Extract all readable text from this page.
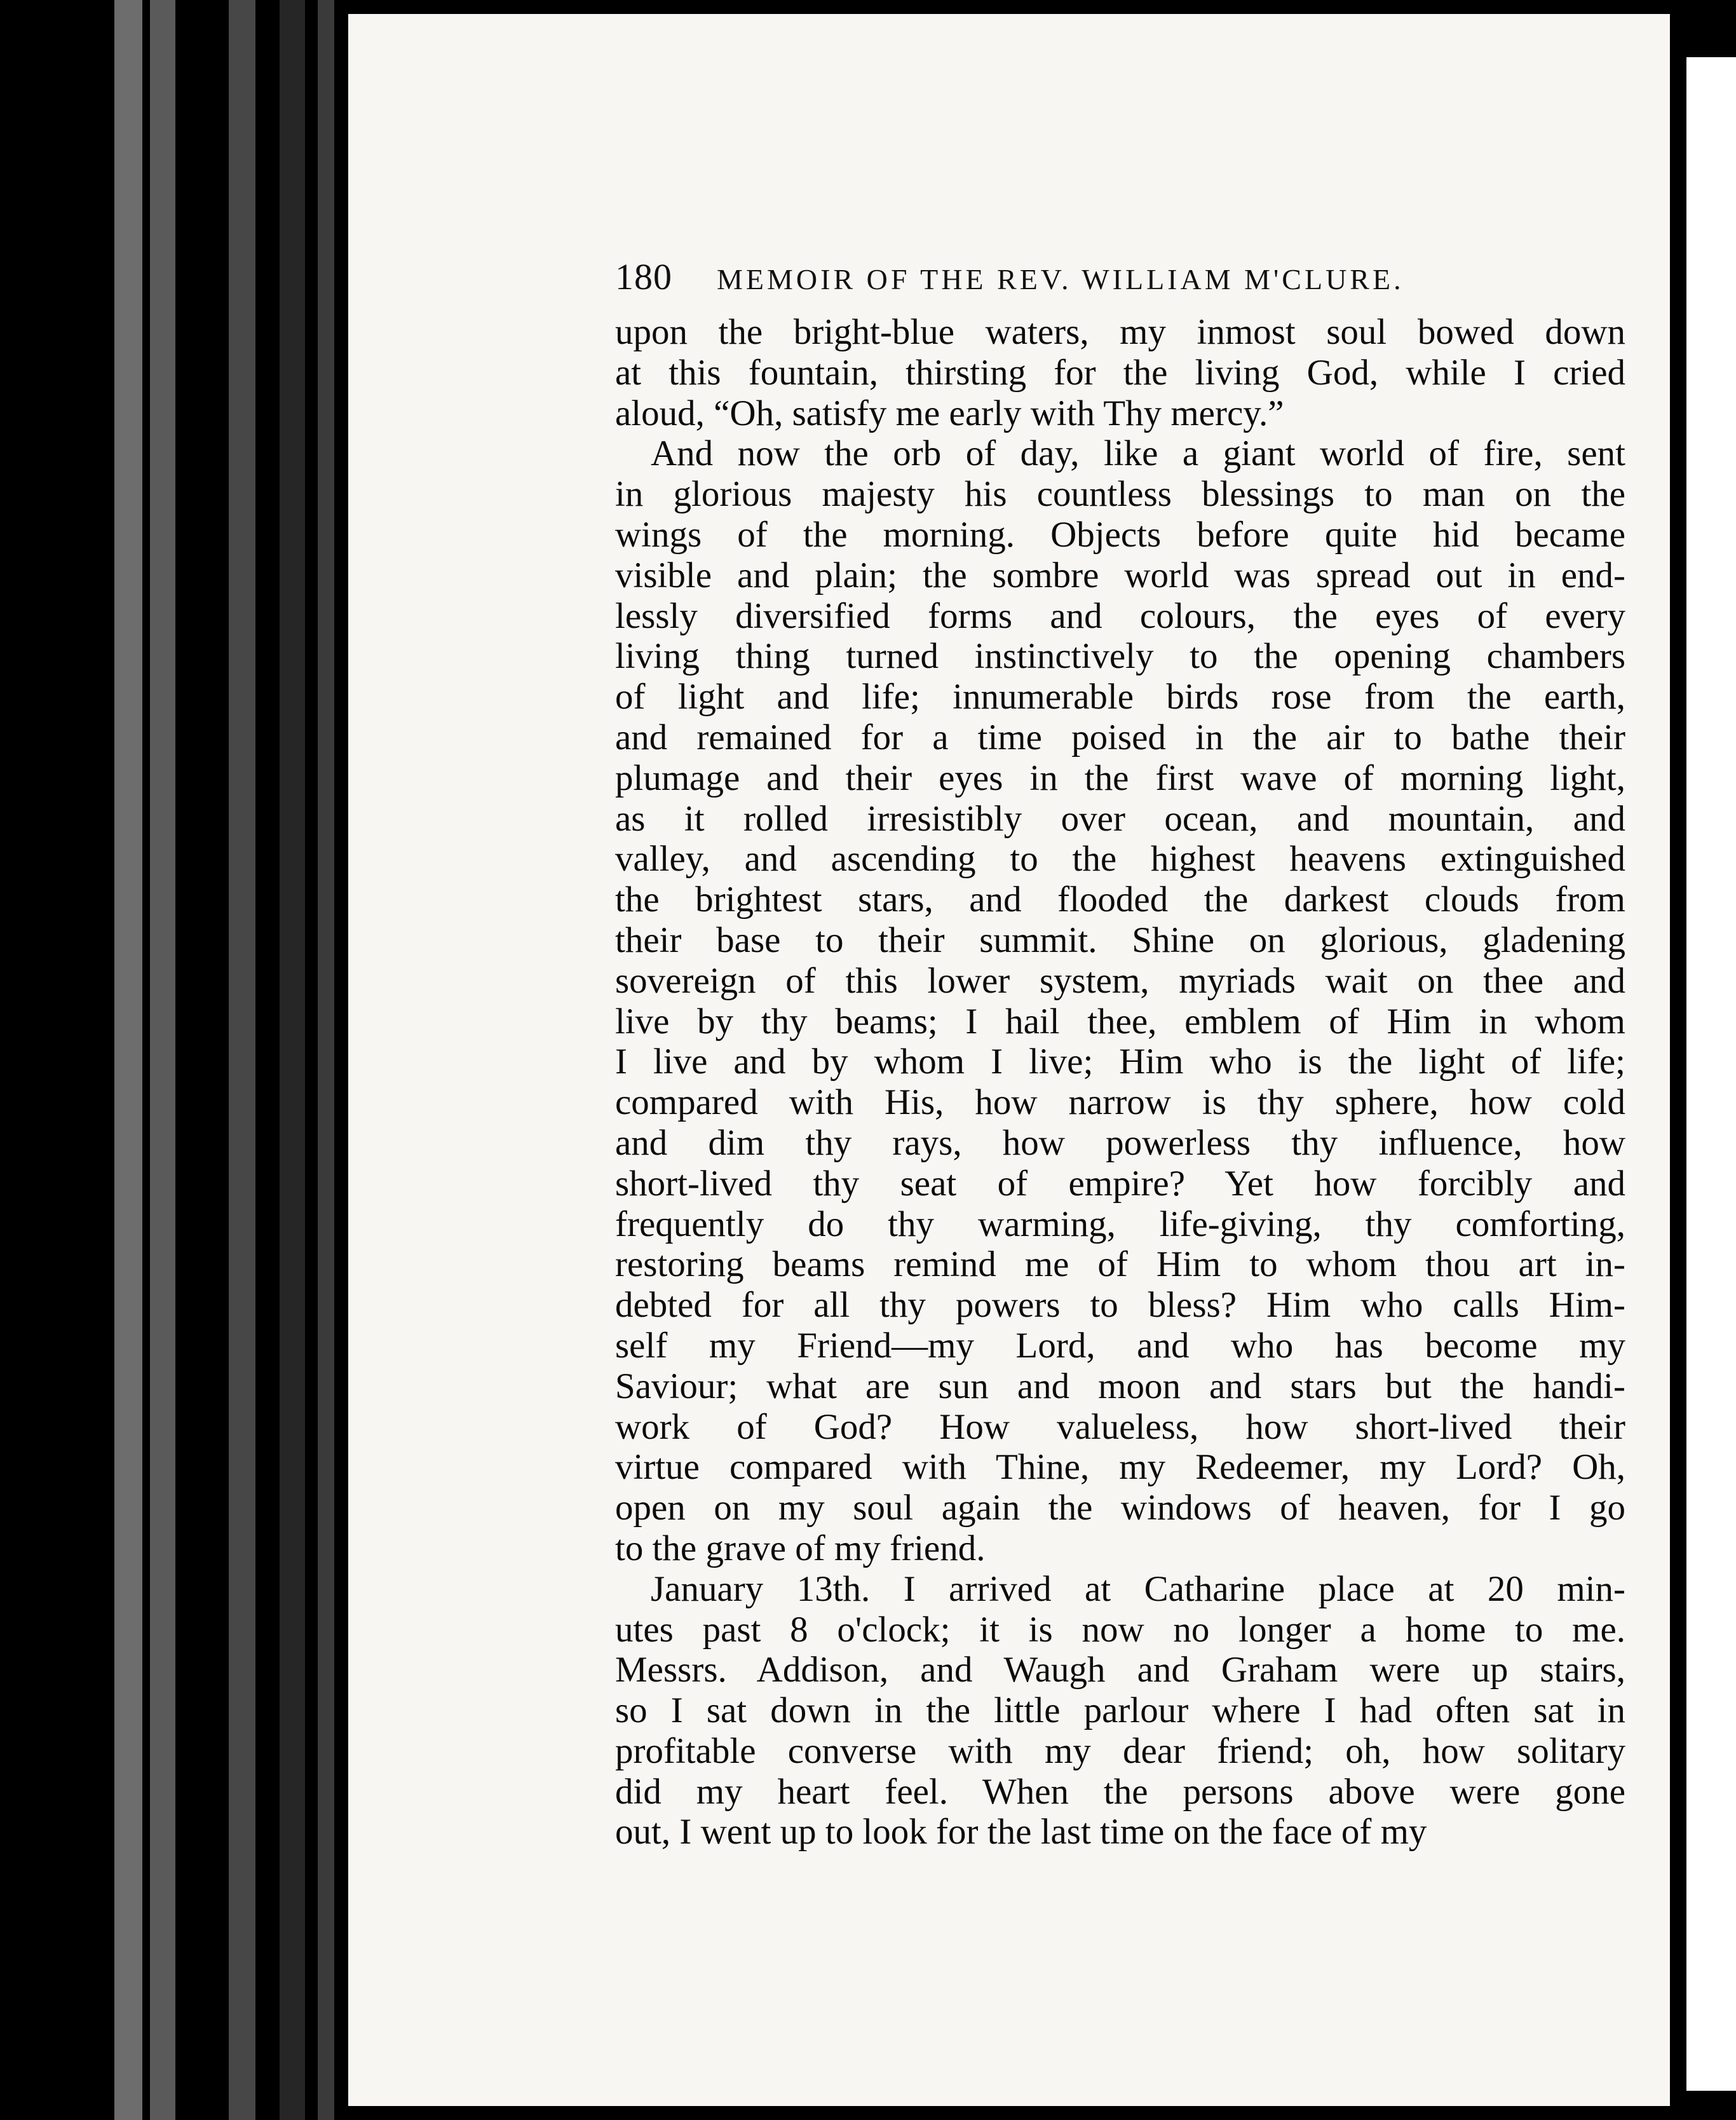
180 MEMOIR OF THE REV. WILLIAM M'CLURE.
upon the bright-blue waters, my inmost soul bowed down
at this fountain, thirsting for the living God, while I cried
aloud, “Oh, satisfy me early with Thy mercy.”
And now the orb of day, like a giant world of fire, sent
in glorious majesty his countless blessings to man on the
wings of the morning. Objects before quite hid became
visible and plain; the sombre world was spread out in end-
lessly diversified forms and colours, the eyes of every
living thing turned instinctively to the opening chambers
of light and life; innumerable birds rose from the earth,
and remained for a time poised in the air to bathe their
plumage and their eyes in the first wave of morning light,
as it rolled irresistibly over ocean, and mountain, and
valley, and ascending to the highest heavens extinguished
the brightest stars, and flooded the darkest clouds from
their base to their summit. Shine on glorious, gladening
sovereign of this lower system, myriads wait on thee and
live by thy beams; I hail thee, emblem of Him in whom
I live and by whom I live; Him who is the light of life;
compared with His, how narrow is thy sphere, how cold
and dim thy rays, how powerless thy influence, how
short-lived thy seat of empire? Yet how forcibly and
frequently do thy warming, life-giving, thy comforting,
restoring beams remind me of Him to whom thou art in-
debted for all thy powers to bless? Him who calls Him-
self my Friend—my Lord, and who has become my
Saviour; what are sun and moon and stars but the handi-
work of God? How valueless, how short-lived their
virtue compared with Thine, my Redeemer, my Lord? Oh,
open on my soul again the windows of heaven, for I go
to the grave of my friend.
January 13th. I arrived at Catharine place at 20 min-
utes past 8 o'clock; it is now no longer a home to me.
Messrs. Addison, and Waugh and Graham were up stairs,
so I sat down in the little parlour where I had often sat in
profitable converse with my dear friend; oh, how solitary
did my heart feel. When the persons above were gone
out, I went up to look for the last time on the face of my
